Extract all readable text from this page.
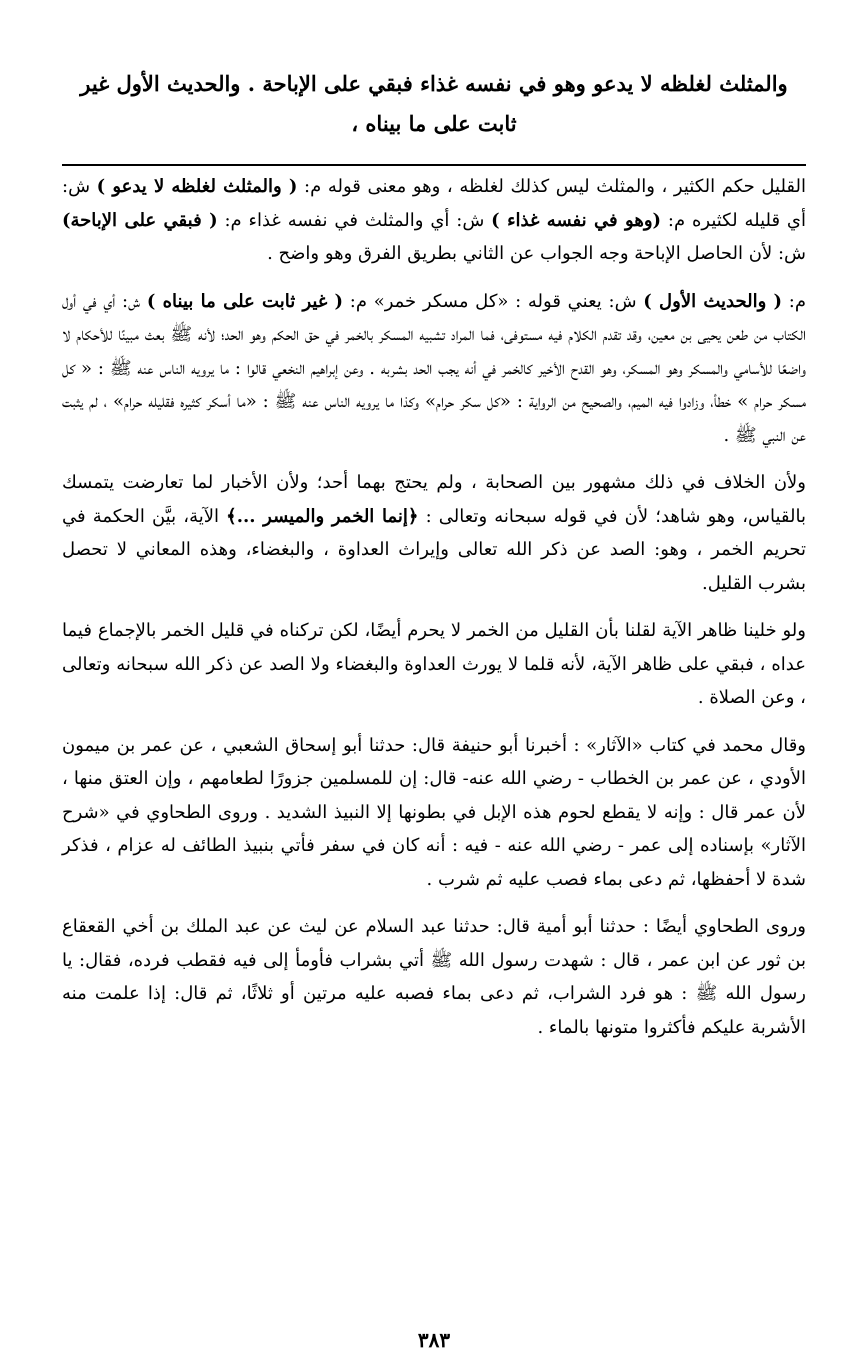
والمثلث لغلظه لا يدعو وهو في نفسه غذاء فبقي على الإباحة . والحديث الأول غير ثابت على ما بيناه ،

القليل حكم الكثير ، والمثلث ليس كذلك لغلظه ، وهو معنى قوله م: ( والمثلث لغلظه لا يدعو ) ش: أي قليله لكثيره م: (وهو في نفسه غذاء ) ش: أي والمثلث في نفسه غذاء م: ( فبقي على الإباحة) ش: لأن الحاصل الإباحة وجه الجواب عن الثاني بطريق الفرق وهو واضح .

م: ( والحديث الأول ) ش: يعني قوله : «كل مسكر خمر» م: ( غير ثابت على ما بيناه ) ش: أي في أول الكتاب من طعن يحيى بن معين، وقد تقدم الكلام فيه مستوفى، فما المراد تشبيه المسكر بالخمر في حق الحكم وهو الحد؛ لأنه ﷺ بعث مبينًا للأحكام لا واضعًا للأسامي والمسكر وهو المسكر، وهو القدح الأخير كالخمر في أنه يجب الحد بشربه . وعن إبراهيم النخعي قالوا : ما يرويه الناس عنه ﷺ : « كل مسكر حرام » خطأ، وزادوا فيه الميم، والصحيح من الرواية : «كل سكر حرام» وكذا ما يرويه الناس عنه ﷺ : «ما أسكر كثيره فقليله حرام» ، لم يثبت عن النبي ﷺ .

ولأن الخلاف في ذلك مشهور بين الصحابة ، ولم يحتج بهما أحد؛ ولأن الأخبار لما تعارضت يتمسك بالقياس، وهو شاهد؛ لأن في قوله سبحانه وتعالى : ﴿إنما الخمر والميسر ...﴾ الآية، بيَّن الحكمة في تحريم الخمر ، وهو: الصد عن ذكر الله تعالى وإيراث العداوة ، والبغضاء، وهذه المعاني لا تحصل بشرب القليل.

ولو خلينا ظاهر الآية لقلنا بأن القليل من الخمر لا يحرم أيضًا، لكن تركناه في قليل الخمر بالإجماع فيما عداه ، فبقي على ظاهر الآية، لأنه قلما لا يورث العداوة والبغضاء ولا الصد عن ذكر الله سبحانه وتعالى ، وعن الصلاة .

وقال محمد في كتاب «الآثار» : أخبرنا أبو حنيفة قال: حدثنا أبو إسحاق الشعبي ، عن عمر بن ميمون الأودي ، عن عمر بن الخطاب - رضي الله عنه- قال: إن للمسلمين جزورًا لطعامهم ، وإن العتق منها ، لأن عمر قال : وإنه لا يقطع لحوم هذه الإبل في بطونها إلا النبيذ الشديد . وروى الطحاوي في «شرح الآثار» بإسناده إلى عمر - رضي الله عنه - فيه : أنه كان في سفر فأتي بنبيذ الطائف له عزام ، فذكر شدة لا أحفظها، ثم دعى بماء فصب عليه ثم شرب .

وروى الطحاوي أيضًا : حدثنا أبو أمية قال: حدثنا عبد السلام عن ليث عن عبد الملك بن أخي القعقاع بن ثور عن ابن عمر ، قال : شهدت رسول الله ﷺ أتي بشراب فأومأ إلى فيه فقطب فرده، فقال: يا رسول الله ﷺ : هو فرد الشراب، ثم دعى بماء فصبه عليه مرتين أو ثلاثًا، ثم قال: إذا علمت منه الأشربة عليكم فأكثروا متونها بالماء .

٣٨٣
